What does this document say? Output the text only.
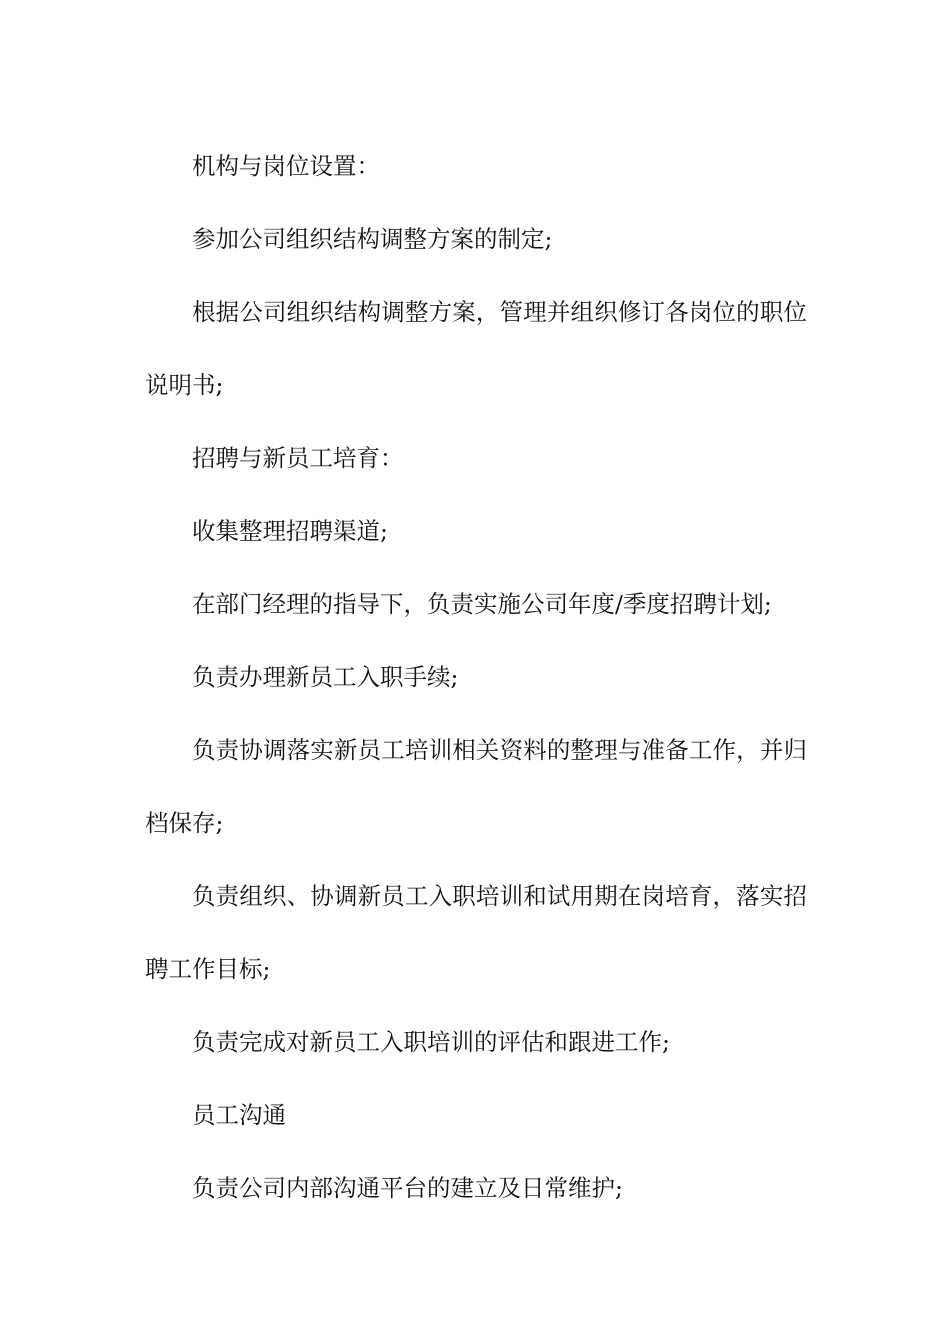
机构与岗位设置：

参加公司组织结构调整方案的制定;

根据公司组织结构调整方案，管理并组织修订各岗位的职位说明书;

招聘与新员工培育：

收集整理招聘渠道;

在部门经理的指导下，负责实施公司年度/季度招聘计划;

负责办理新员工入职手续;

负责协调落实新员工培训相关资料的整理与准备工作，并归档保存;

负责组织、协调新员工入职培训和试用期在岗培育，落实招聘工作目标;

负责完成对新员工入职培训的评估和跟进工作;

员工沟通

负责公司内部沟通平台的建立及日常维护;
